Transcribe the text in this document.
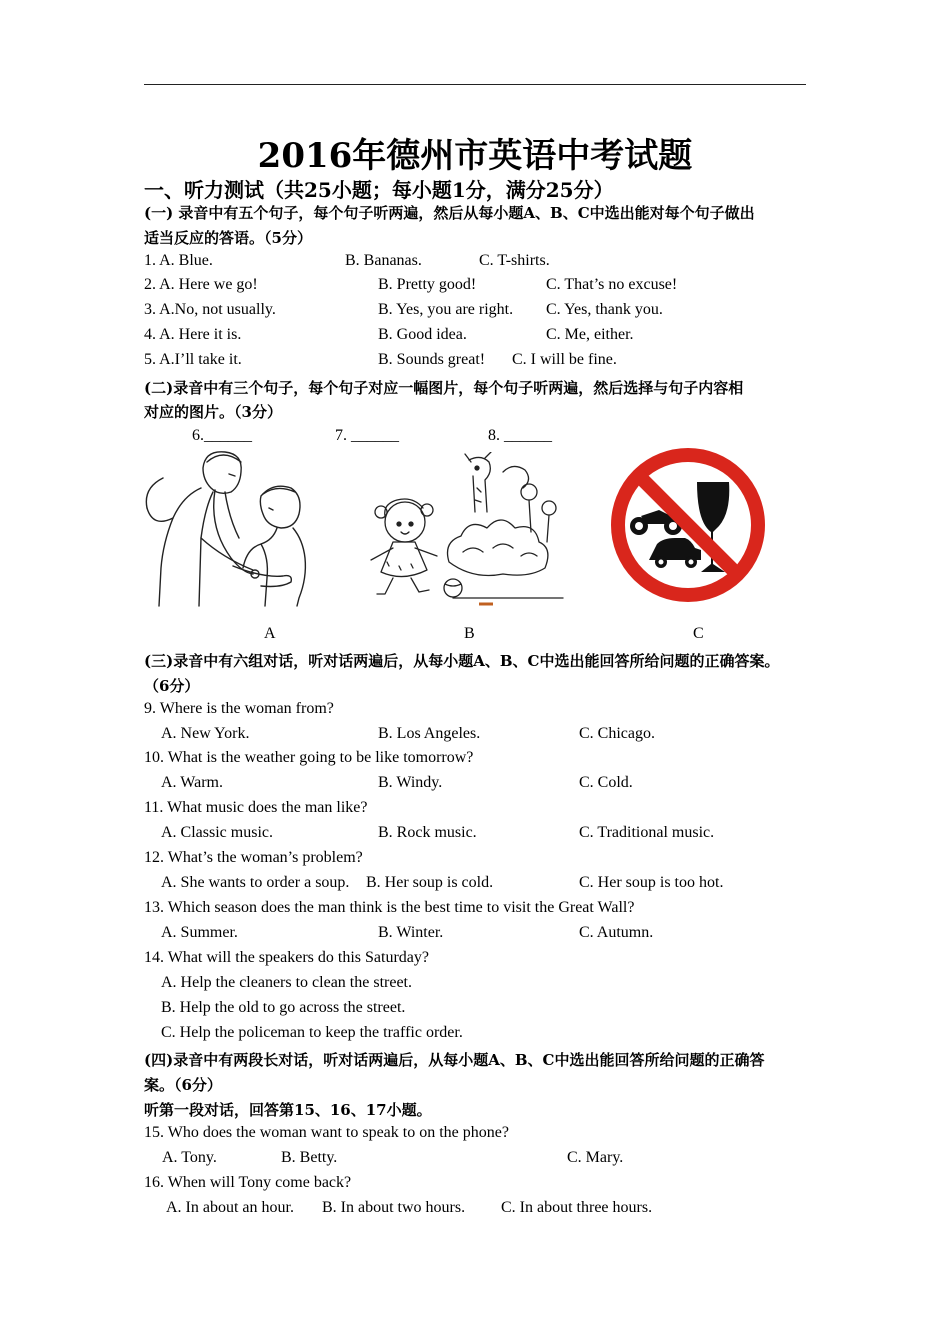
2016年德州市英语中考试题
一、听力测试（共25小题；每小题1分，满分25分）
(一) 录音中有五个句子，每个句子听两遍，然后从每小题A、B、C中选出能对每个句子做出
适当反应的答语。（5分）
1. A. Blue.	B. Bananas.	C. T-shirts.
2. A. Here we go!	B. Pretty good!	C. That’s no excuse!
3. A.No, not usually.	B. Yes, you are right. C. Yes, thank you.
4. A. Here it is.	B. Good idea.	C. Me, either.
5. A.I’ll take it.	B. Sounds great! C. I will be fine.
(二)录音中有三个句子，每个句子对应一幅图片，每个句子听两遍，然后选择与句子内容相
对应的图片。（3分）
6.______	7. ______	8. ______
A	B	C
(三)录音中有六组对话，听对话两遍后，从每小题A、B、C中选出能回答所给问题的正确答案。
（6分）
9. Where is the woman from?
A. New York.	B. Los Angeles.	C. Chicago.
10. What is the weather going to be like tomorrow?
A. Warm.	B. Windy.	C. Cold.
11. What music does the man like?
A. Classic music.	B. Rock music.	C. Traditional music.
12. What’s the woman’s problem?
A. She wants to order a soup. B. Her soup is cold.	C. Her soup is too hot.
13. Which season does the man think is the best time to visit the Great Wall?
A. Summer.	B. Winter.	C. Autumn.
14. What will the speakers do this Saturday?
A. Help the cleaners to clean the street.
B. Help the old to go across the street.
C. Help the policeman to keep the traffic order.
(四)录音中有两段长对话，听对话两遍后，从每小题A、B、C中选出能回答所给问题的正确答
案。（6分）
听第一段对话，回答第15、16、17小题。
15. Who does the woman want to speak to on the phone?
A. Tony.	B. Betty.	C. Mary.
16. When will Tony come back?
A. In about an hour. B. In about two hours. C. In about three hours.
